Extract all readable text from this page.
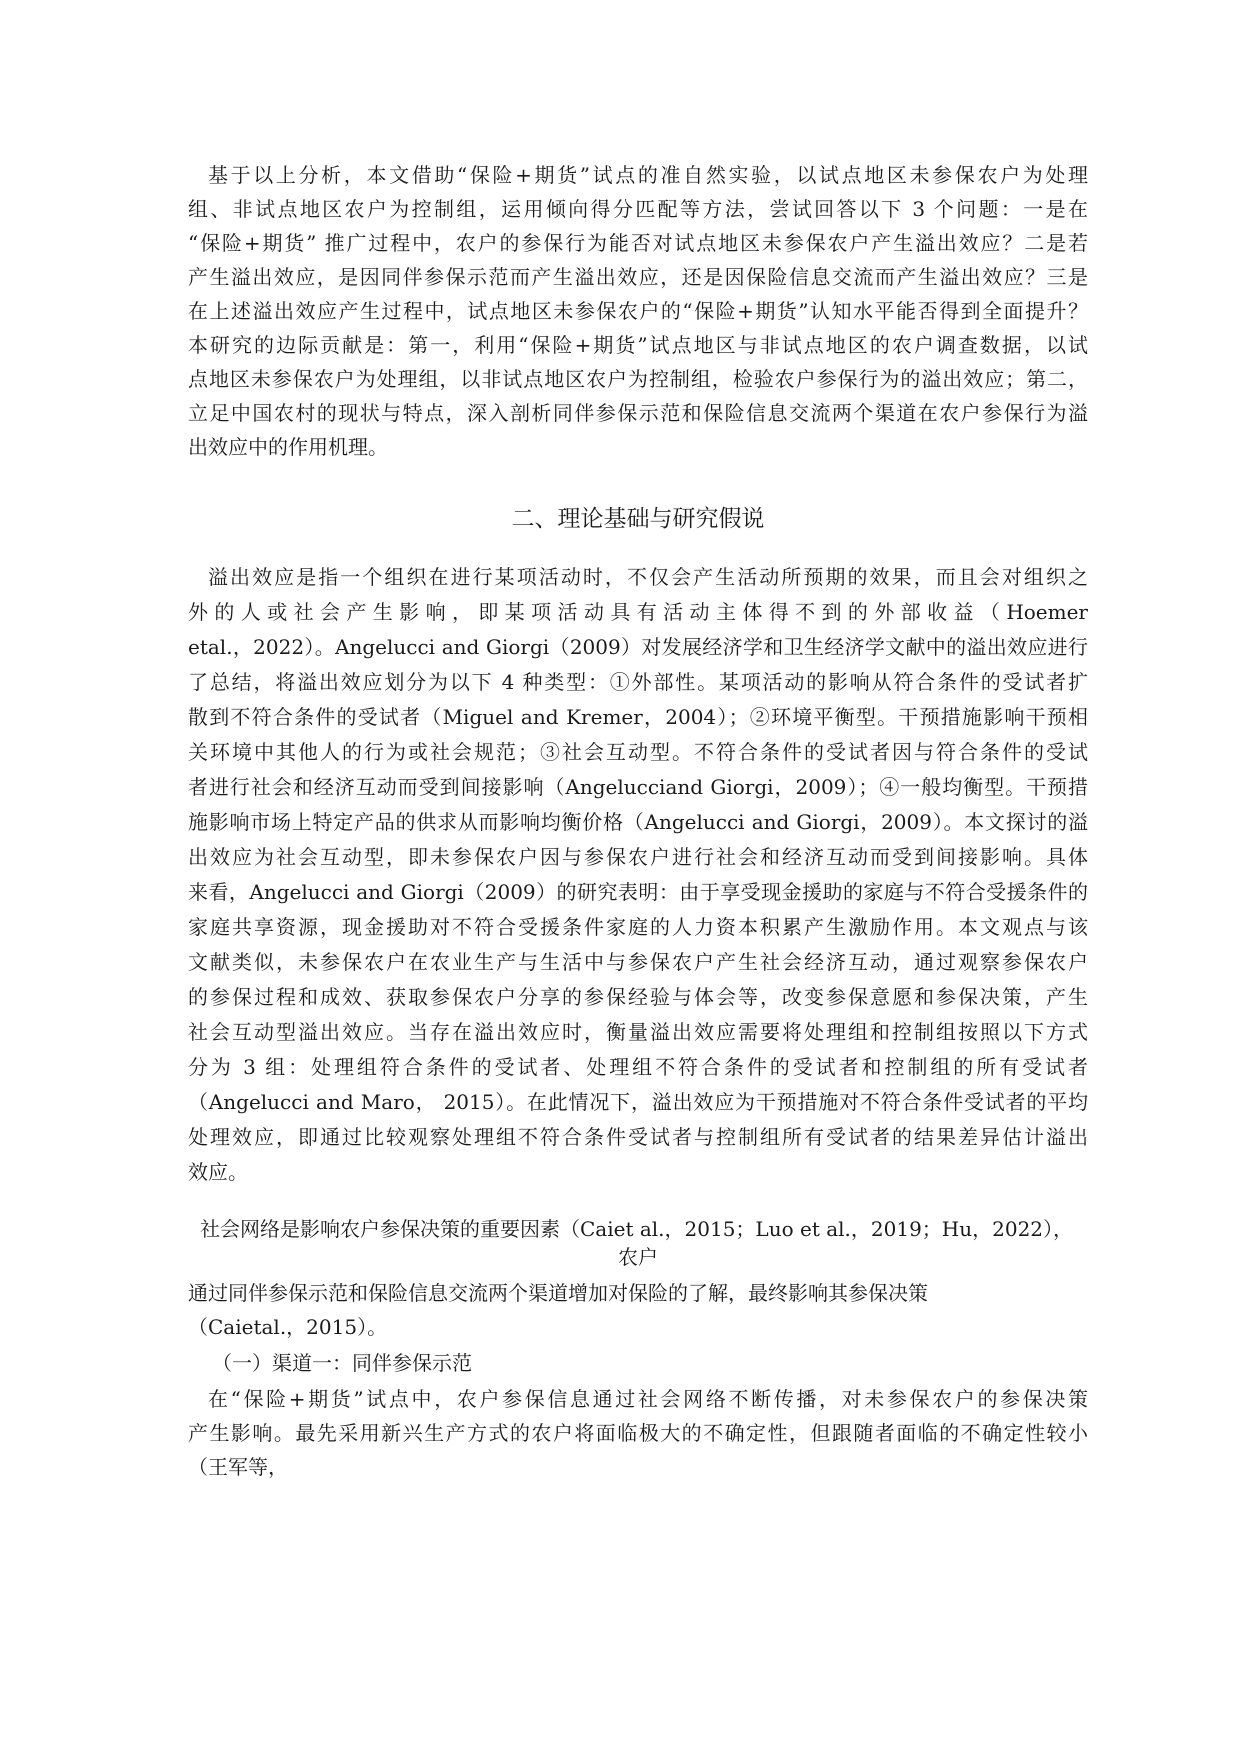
基于以上分析，本文借助“保险+期货”试点的准自然实验，以试点地区未参保农户为处理
组、非试点地区农户为控制组，运用倾向得分匹配等方法，尝试回答以下 3 个问题：一是在
“保险+期货” 推广过程中，农户的参保行为能否对试点地区未参保农户产生溢出效应？二是若
产生溢出效应，是因同伴参保示范而产生溢出效应，还是因保险信息交流而产生溢出效应？三是
在上述溢出效应产生过程中，试点地区未参保农户的“保险+期货”认知水平能否得到全面提升？
本研究的边际贡献是：第一，利用“保险+期货”试点地区与非试点地区的农户调查数据，以试
点地区未参保农户为处理组，以非试点地区农户为控制组，检验农户参保行为的溢出效应；第二，
立足中国农村的现状与特点，深入剖析同伴参保示范和保险信息交流两个渠道在农户参保行为溢
出效应中的作用机理。
二、理论基础与研究假说
溢出效应是指一个组织在进行某项活动时，不仅会产生活动所预期的效果，而且会对组织之
外 的 人 或 社 会 产 生 影 响 ， 即 某 项 活 动 具 有 活 动 主 体 得 不 到 的 外 部 收 益 （ Hoemer
etal.，2022）。Angelucci and Giorgi（2009）对发展经济学和卫生经济学文献中的溢出效应进行
了总结，将溢出效应划分为以下 4 种类型：①外部性。某项活动的影响从符合条件的受试者扩
散到不符合条件的受试者（Miguel and Kremer，2004）；②环境平衡型。干预措施影响干预相
关环境中其他人的行为或社会规范；③社会互动型。不符合条件的受试者因与符合条件的受试
者进行社会和经济互动而受到间接影响（Angelucciand Giorgi，2009）；④一般均衡型。干预措
施影响市场上特定产品的供求从而影响均衡价格（Angelucci and Giorgi，2009）。本文探讨的溢
出效应为社会互动型，即未参保农户因与参保农户进行社会和经济互动而受到间接影响。具体
来看，Angelucci and Giorgi（2009）的研究表明：由于享受现金援助的家庭与不符合受援条件的
家庭共享资源，现金援助对不符合受援条件家庭的人力资本积累产生激励作用。本文观点与该
文献类似，未参保农户在农业生产与生活中与参保农户产生社会经济互动，通过观察参保农户
的参保过程和成效、获取参保农户分享的参保经验与体会等，改变参保意愿和参保决策，产生
社会互动型溢出效应。当存在溢出效应时，衡量溢出效应需要将处理组和控制组按照以下方式
分为 3 组：处理组符合条件的受试者、处理组不符合条件的受试者和控制组的所有受试者
（Angelucci and Maro， 2015）。在此情况下，溢出效应为干预措施对不符合条件受试者的平均
处理效应，即通过比较观察处理组不符合条件受试者与控制组所有受试者的结果差异估计溢出
效应。
社会网络是影响农户参保决策的重要因素（Caiet al.，2015；Luo et al.，2019；Hu，2022），
农户
通过同伴参保示范和保险信息交流两个渠道增加对保险的了解，最终影响其参保决策
（Caietal.，2015）。
（一）渠道一：同伴参保示范
在“保险+期货”试点中，农户参保信息通过社会网络不断传播，对未参保农户的参保决策
产生影响。最先采用新兴生产方式的农户将面临极大的不确定性，但跟随者面临的不确定性较小
（王军等，
